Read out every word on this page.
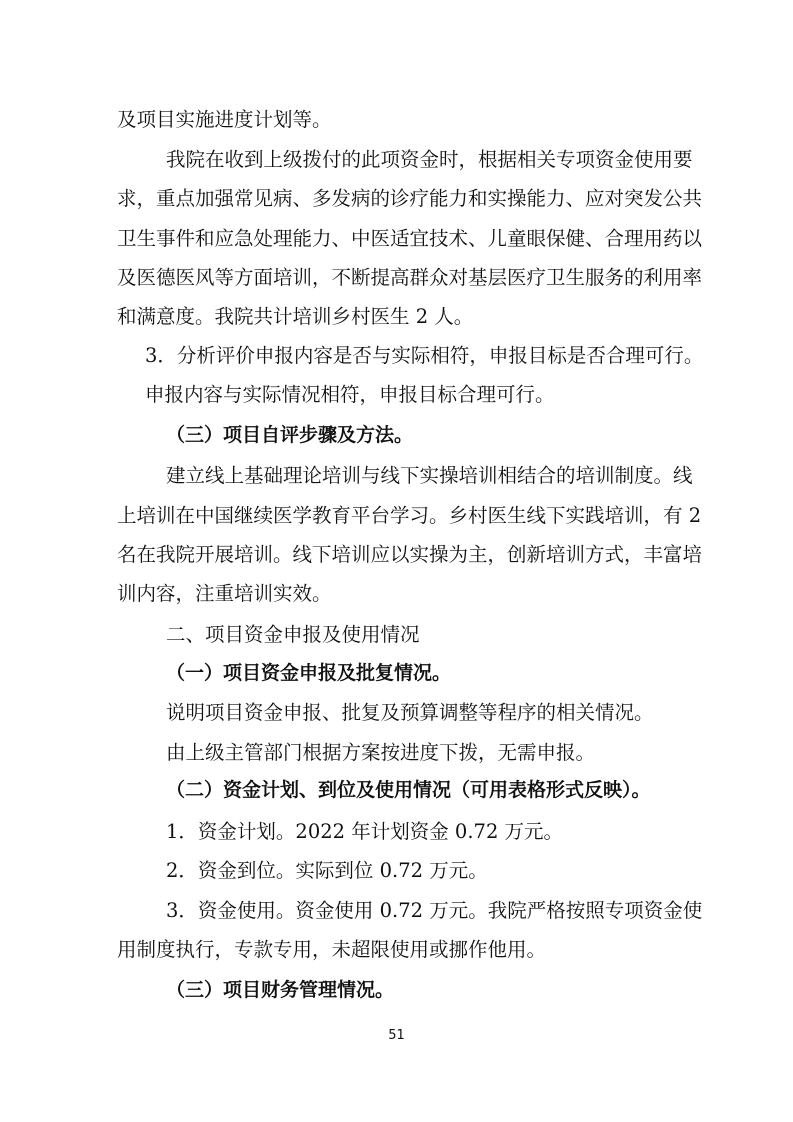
及项目实施进度计划等。
我院在收到上级拨付的此项资金时，根据相关专项资金使用要
求，重点加强常见病、多发病的诊疗能力和实操能力、应对突发公共
卫生事件和应急处理能力、中医适宜技术、儿童眼保健、合理用药以
及医德医风等方面培训，不断提高群众对基层医疗卫生服务的利用率
和满意度。我院共计培训乡村医生 2 人。
3．分析评价申报内容是否与实际相符，申报目标是否合理可行。
申报内容与实际情况相符，申报目标合理可行。
（三）项目自评步骤及方法。
建立线上基础理论培训与线下实操培训相结合的培训制度。线
上培训在中国继续医学教育平台学习。乡村医生线下实践培训，有 2
名在我院开展培训。线下培训应以实操为主，创新培训方式，丰富培
训内容，注重培训实效。
二、项目资金申报及使用情况
（一）项目资金申报及批复情况。
说明项目资金申报、批复及预算调整等程序的相关情况。
由上级主管部门根据方案按进度下拨，无需申报。
（二）资金计划、到位及使用情况（可用表格形式反映）。
1．资金计划。2022 年计划资金 0.72 万元。
2．资金到位。实际到位 0.72 万元。
3．资金使用。资金使用 0.72 万元。我院严格按照专项资金使
用制度执行，专款专用，未超限使用或挪作他用。
（三）项目财务管理情况。
51
